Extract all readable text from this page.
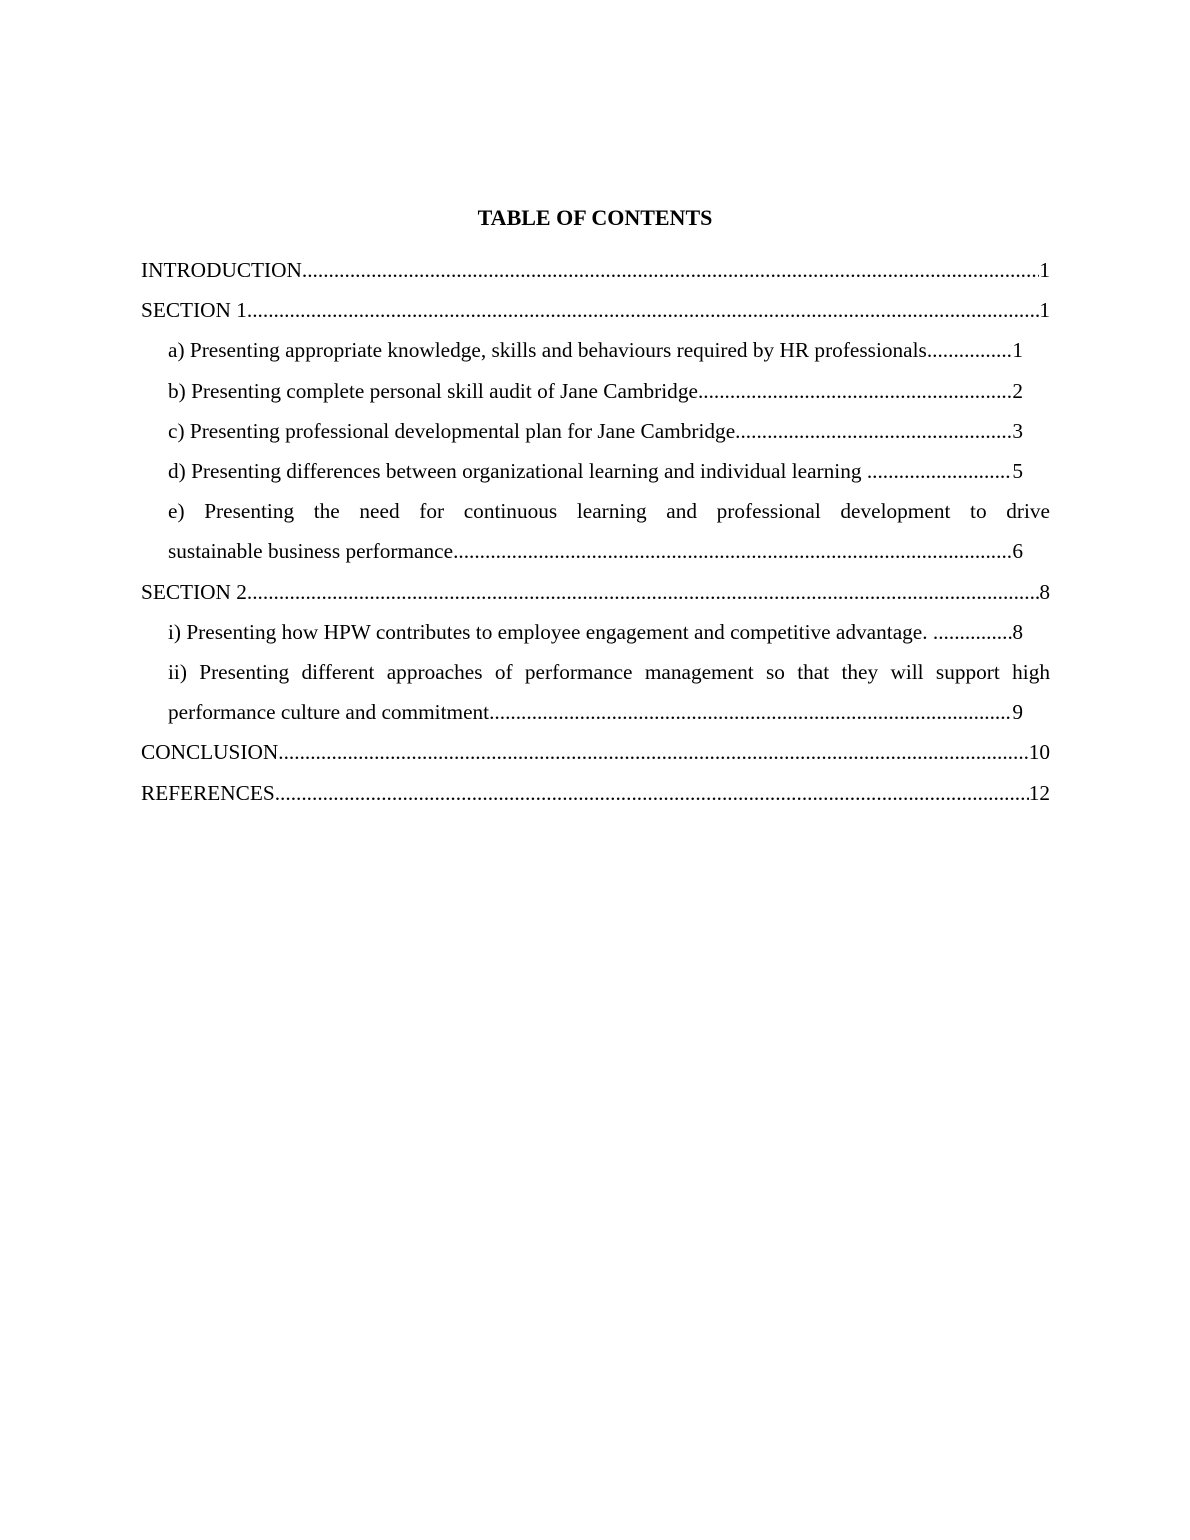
TABLE OF CONTENTS
INTRODUCTION .....	1
SECTION 1 .....	1
a) Presenting appropriate knowledge, skills and behaviours required by HR professionals. .....	1
b) Presenting complete personal skill audit of Jane Cambridge .....	2
c) Presenting professional developmental plan for Jane Cambridge .....	3
d) Presenting differences between organizational learning and individual learning .....	5
e) Presenting the need for continuous learning and professional development to drive
sustainable business performance .....	6
SECTION 2 .....	8
i) Presenting how HPW contributes to employee engagement and competitive advantage. .....	8
ii) Presenting different approaches of performance management so that they will support high
performance culture and commitment .....	9
CONCLUSION .....	10
REFERENCES .....	12
